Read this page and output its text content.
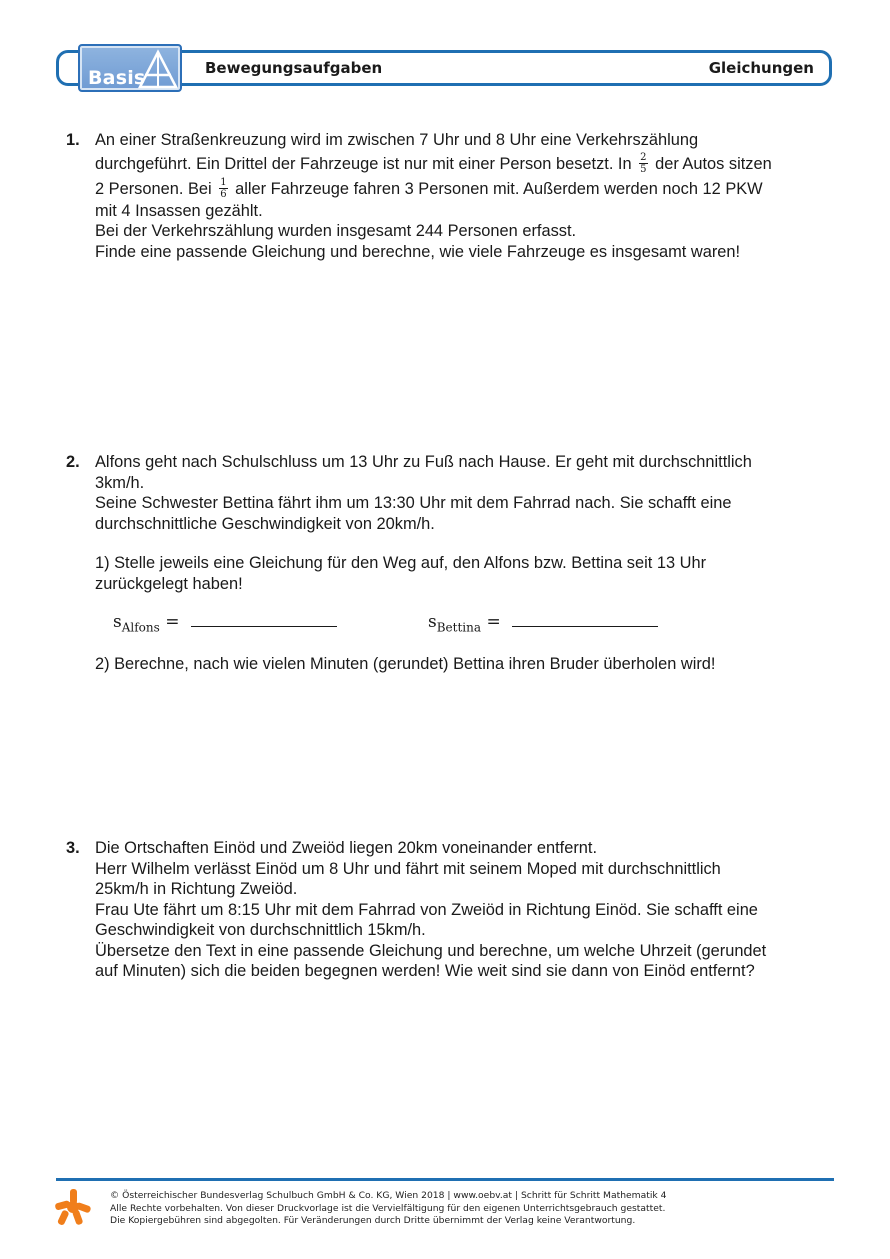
Basis	Bewegungsaufgaben	Gleichungen
1. An einer Straßenkreuzung wird im zwischen 7 Uhr und 8 Uhr eine Verkehrszählung
durchgeführt. Ein Drittel der Fahrzeuge ist nur mit einer Person besetzt. In $\frac{2}{5}$ der Autos sitzen
2 Personen. Bei $\frac{1}{6}$ aller Fahrzeuge fahren 3 Personen mit. Außerdem werden noch 12 PKW
mit 4 Insassen gezählt.
Bei der Verkehrszählung wurden insgesamt 244 Personen erfasst.
Finde eine passende Gleichung und berechne, wie viele Fahrzeuge es insgesamt waren!
2. Alfons geht nach Schulschluss um 13 Uhr zu Fuß nach Hause. Er geht mit durchschnittlich
3km/h.
Seine Schwester Bettina fährt ihm um 13:30 Uhr mit dem Fahrrad nach. Sie schafft eine
durchschnittliche Geschwindigkeit von 20km/h.
1) Stelle jeweils eine Gleichung für den Weg auf, den Alfons bzw. Bettina seit 13 Uhr
zurückgelegt haben!
$s_{Alfons}$ =	$s_{Bettina}$ =
2) Berechne, nach wie vielen Minuten (gerundet) Bettina ihren Bruder überholen wird!
3. Die Ortschaften Einöd und Zweiöd liegen 20km voneinander entfernt.
Herr Wilhelm verlässt Einöd um 8 Uhr und fährt mit seinem Moped mit durchschnittlich
25km/h in Richtung Zweiöd.
Frau Ute fährt um 8:15 Uhr mit dem Fahrrad von Zweiöd in Richtung Einöd. Sie schafft eine
Geschwindigkeit von durchschnittlich 15km/h.
Übersetze den Text in eine passende Gleichung und berechne, um welche Uhrzeit (gerundet
auf Minuten) sich die beiden begegnen werden! Wie weit sind sie dann von Einöd entfernt?
© Österreichischer Bundesverlag Schulbuch GmbH & Co. KG, Wien 2018 | www.oebv.at | Schritt für Schritt Mathematik 4
Alle Rechte vorbehalten. Von dieser Druckvorlage ist die Vervielfältigung für den eigenen Unterrichtsgebrauch gestattet.
Die Kopiergebühren sind abgegolten. Für Veränderungen durch Dritte übernimmt der Verlag keine Verantwortung.
